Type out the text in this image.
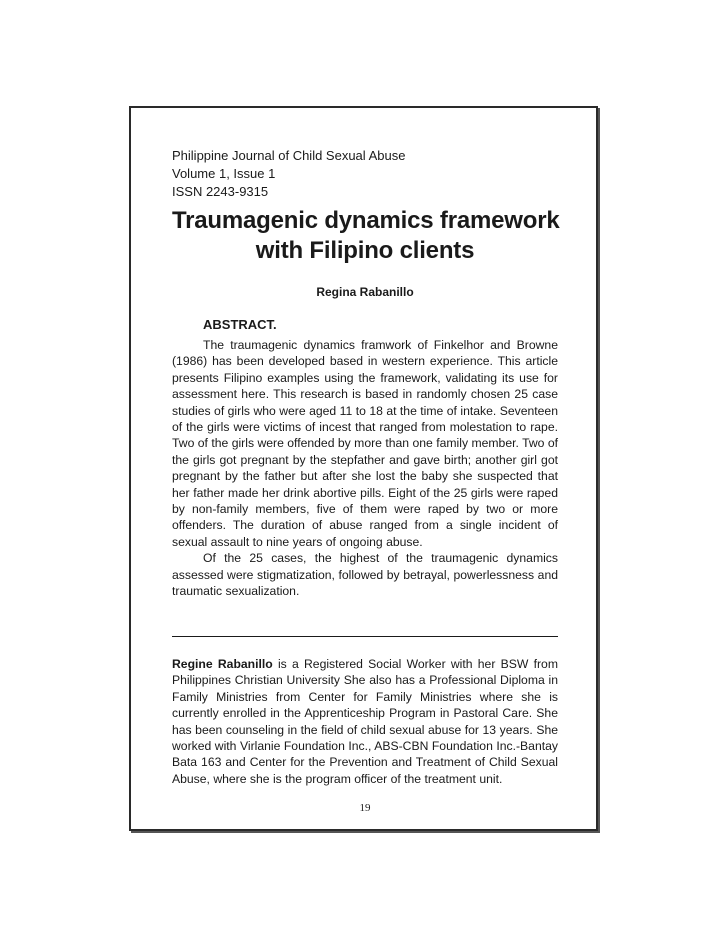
Philippine Journal of Child Sexual Abuse
Volume 1, Issue 1
ISSN 2243-9315
Traumagenic dynamics framework
with Filipino clients
Regina Rabanillo
ABSTRACT.

The traumagenic dynamics framwork of Finkelhor and Browne (1986) has been developed based in western experience. This article presents Filipino examples using the framework, validating its use for assessment here. This research is based in randomly chosen 25 case studies of girls who were aged 11 to 18 at the time of intake. Seventeen of the girls were victims of incest that ranged from molestation to rape. Two of the girls were offended by more than one family member. Two of the girls got pregnant by the stepfather and gave birth; another girl got pregnant by the father but after she lost the baby she suspected that her father made her drink abortive pills. Eight of the 25 girls were raped by non-family members, five of them were raped by two or more offenders. The duration of abuse ranged from a single incident of sexual assault to nine years of ongoing abuse.

Of the 25 cases, the highest of the traumagenic dynamics assessed were stigmatization, followed by betrayal, powerlessness and traumatic sexualization.

Regine Rabanillo is a Registered Social Worker with her BSW from Philippines Christian University She also has a Professional Diploma in Family Ministries from Center for Family Ministries where she is currently enrolled in the Apprenticeship Program in Pastoral Care. She has been counseling in the field of child sexual abuse for 13 years. She worked with Virlanie Foundation Inc., ABS-CBN Foundation Inc.-Bantay Bata 163 and Center for the Prevention and Treatment of Child Sexual Abuse, where she is the program officer of the treatment unit.

19
